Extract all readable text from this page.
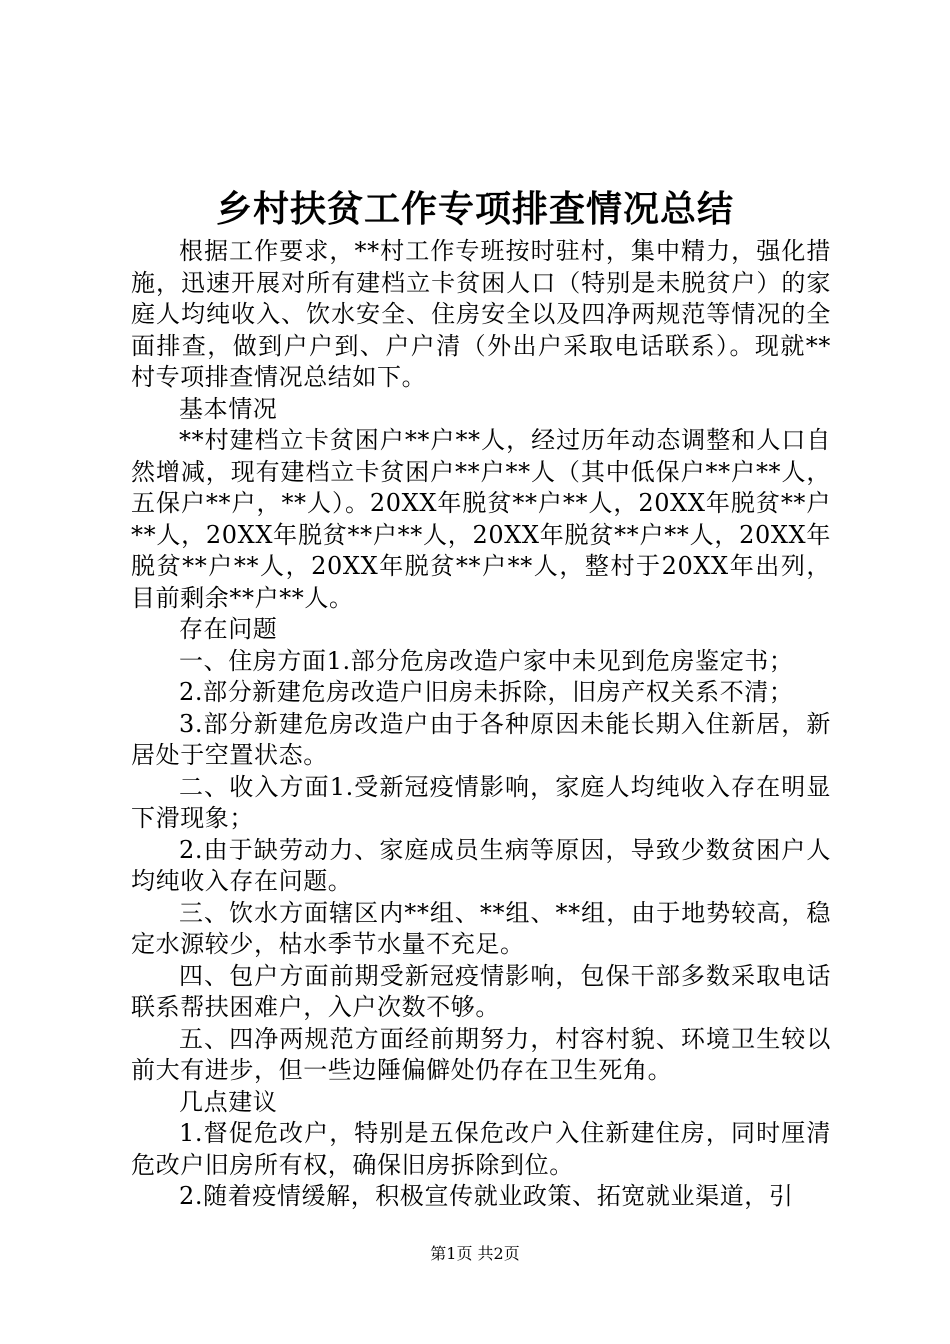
乡村扶贫工作专项排查情况总结

根据工作要求，**村工作专班按时驻村，集中精力，强化措施，迅速开展对所有建档立卡贫困人口（特别是未脱贫户）的家庭人均纯收入、饮水安全、住房安全以及四净两规范等情况的全面排查，做到户户到、户户清（外出户采取电话联系）。现就**村专项排查情况总结如下。

基本情况

**村建档立卡贫困户**户**人，经过历年动态调整和人口自然增减，现有建档立卡贫困户**户**人（其中低保户**户**人，五保户**户，**人）。20XX年脱贫**户**人，20XX年脱贫**户**人，20XX年脱贫**户**人，20XX年脱贫**户**人，20XX年脱贫**户**人，20XX年脱贫**户**人，整村于20XX年出列，目前剩余**户**人。

存在问题

一、住房方面1.部分危房改造户家中未见到危房鉴定书；

2.部分新建危房改造户旧房未拆除，旧房产权关系不清；

3.部分新建危房改造户由于各种原因未能长期入住新居，新居处于空置状态。

二、收入方面1.受新冠疫情影响，家庭人均纯收入存在明显下滑现象；

2.由于缺劳动力、家庭成员生病等原因，导致少数贫困户人均纯收入存在问题。

三、饮水方面辖区内**组、**组、**组，由于地势较高，稳定水源较少，枯水季节水量不充足。

四、包户方面前期受新冠疫情影响，包保干部多数采取电话联系帮扶困难户，入户次数不够。

五、四净两规范方面经前期努力，村容村貌、环境卫生较以前大有进步，但一些边陲偏僻处仍存在卫生死角。

几点建议

1.督促危改户，特别是五保危改户入住新建住房，同时厘清危改户旧房所有权，确保旧房拆除到位。

2.随着疫情缓解，积极宣传就业政策、拓宽就业渠道，引

第1页 共2页
